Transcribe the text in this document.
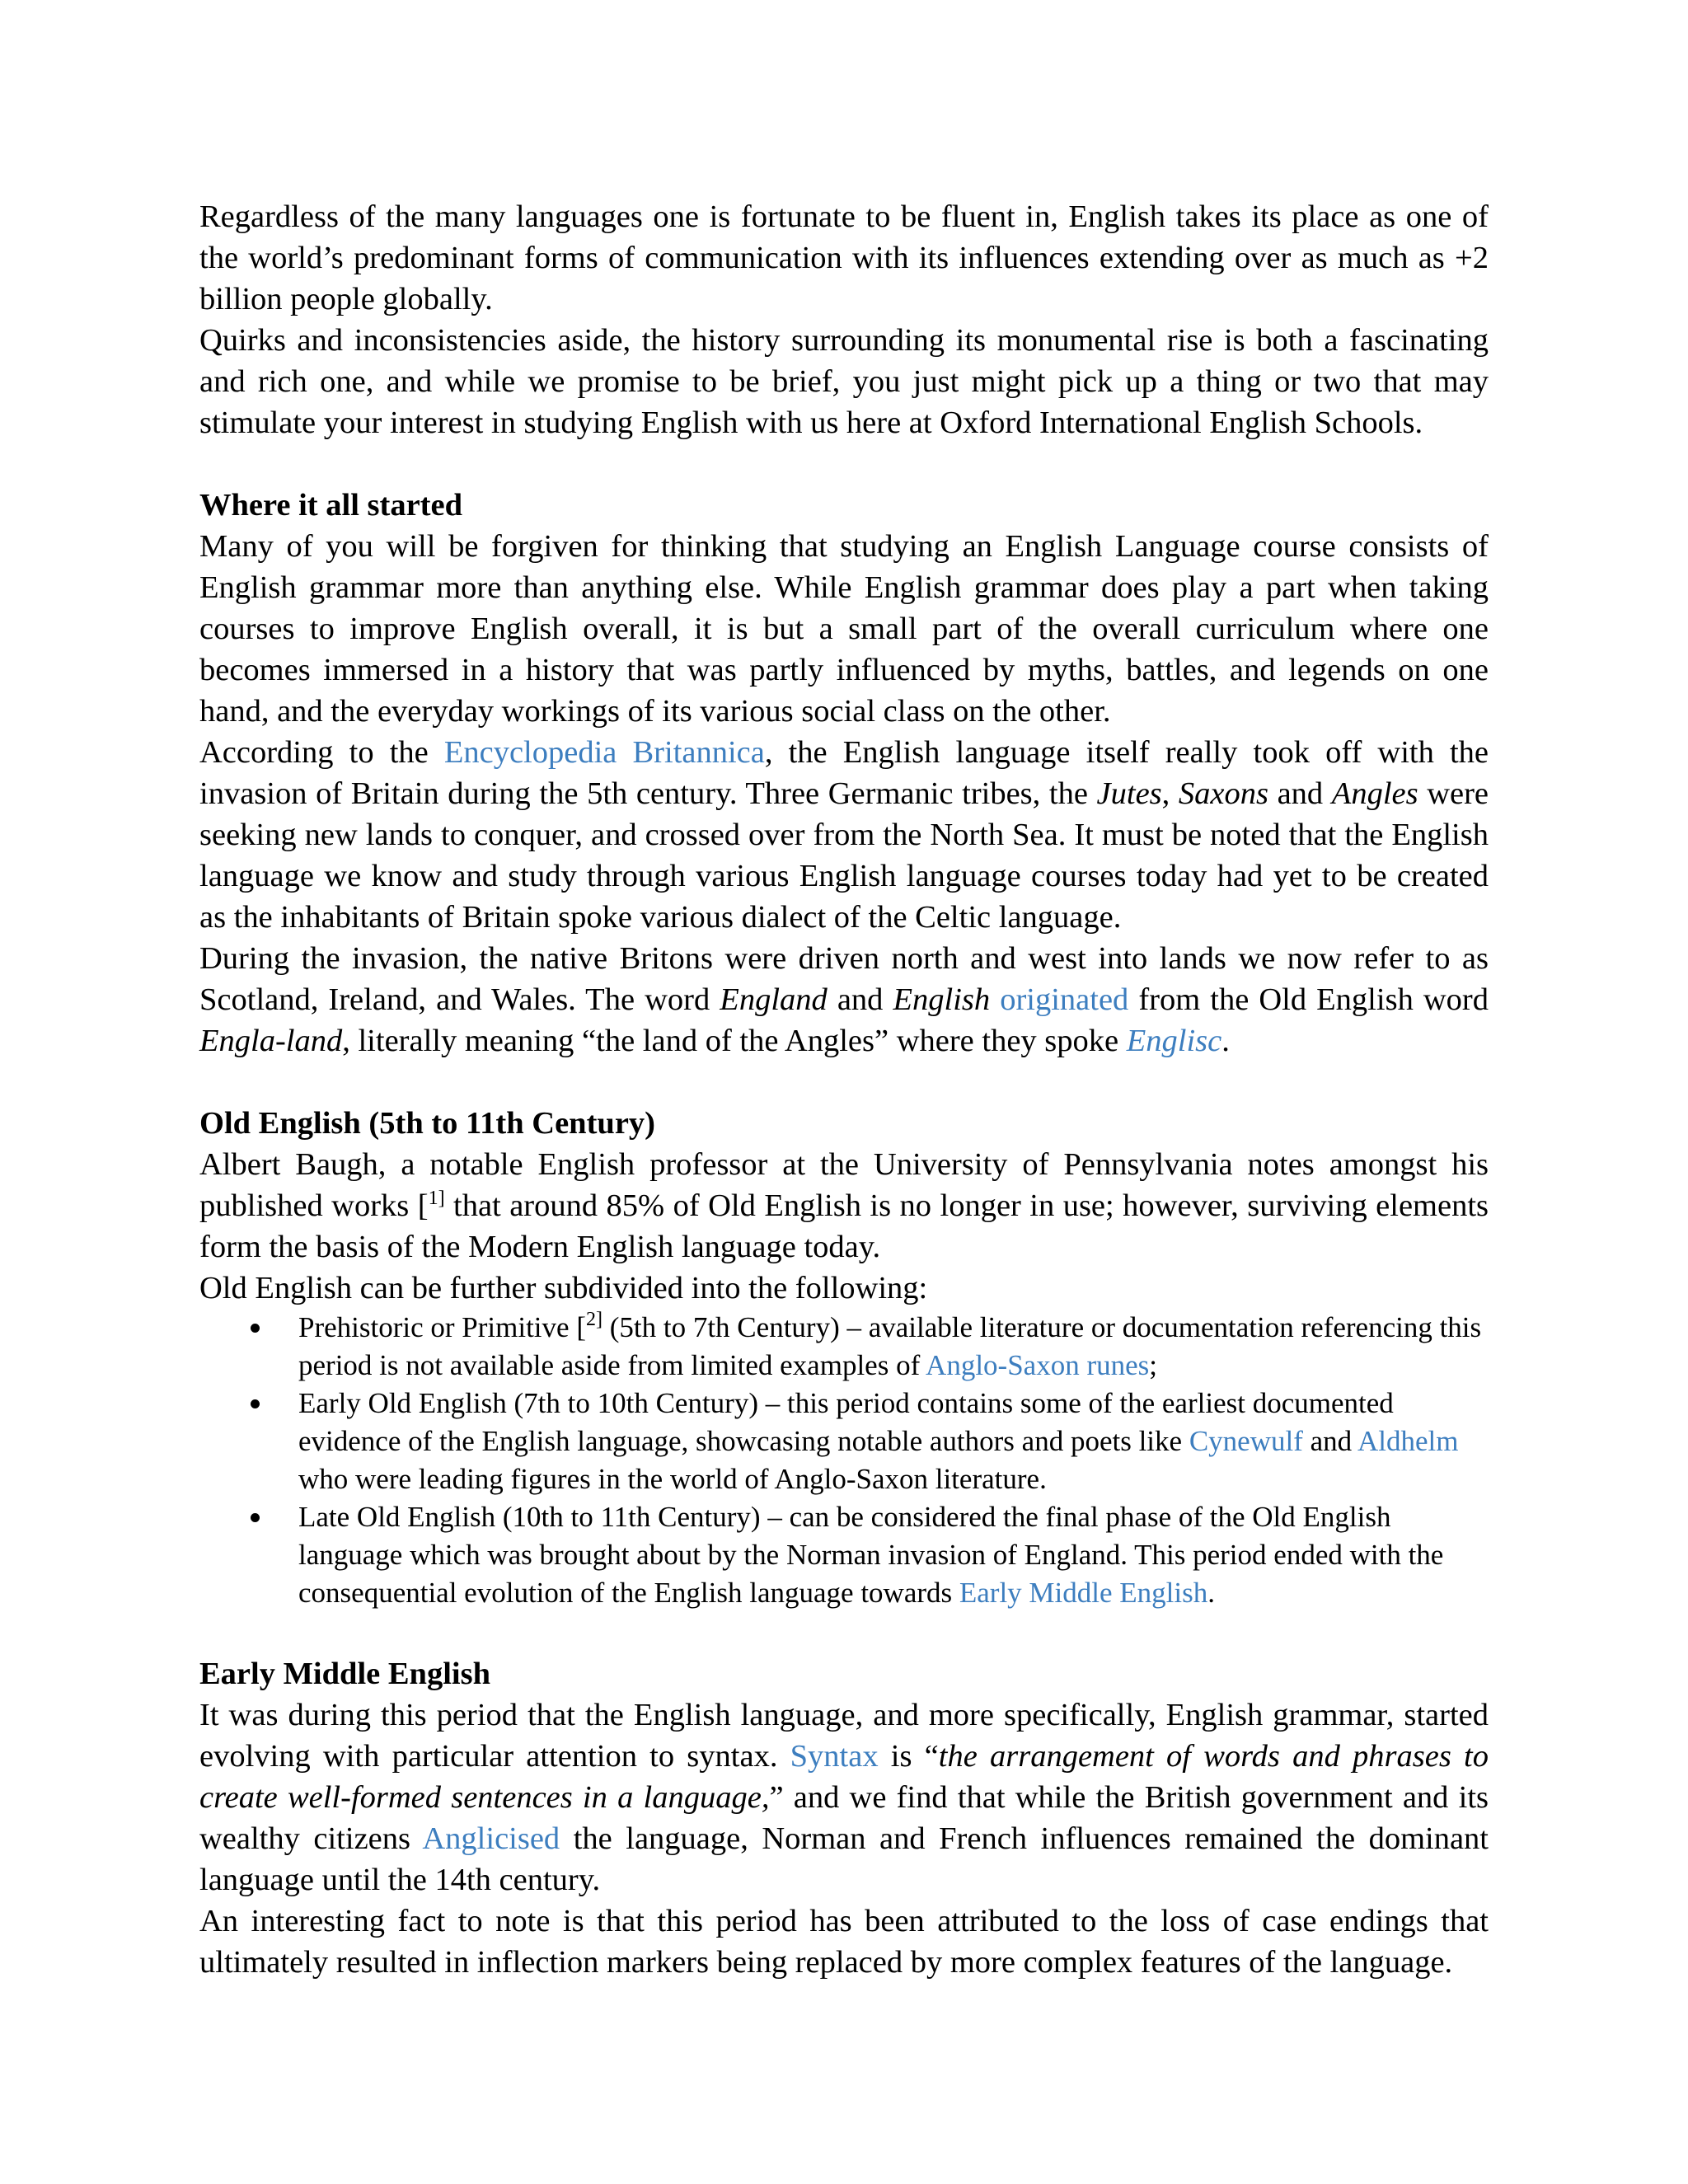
Regardless of the many languages one is fortunate to be fluent in, English takes its place as one of the world’s predominant forms of communication with its influences extending over as much as +2 billion people globally.

Quirks and inconsistencies aside, the history surrounding its monumental rise is both a fascinating and rich one, and while we promise to be brief, you just might pick up a thing or two that may stimulate your interest in studying English with us here at Oxford International English Schools.

Where it all started

Many of you will be forgiven for thinking that studying an English Language course consists of English grammar more than anything else. While English grammar does play a part when taking courses to improve English overall, it is but a small part of the overall curriculum where one becomes immersed in a history that was partly influenced by myths, battles, and legends on one hand, and the everyday workings of its various social class on the other.

According to the Encyclopedia Britannica, the English language itself really took off with the invasion of Britain during the 5th century. Three Germanic tribes, the Jutes, Saxons and Angles were seeking new lands to conquer, and crossed over from the North Sea. It must be noted that the English language we know and study through various English language courses today had yet to be created as the inhabitants of Britain spoke various dialect of the Celtic language.

During the invasion, the native Britons were driven north and west into lands we now refer to as Scotland, Ireland, and Wales. The word England and English originated from the Old English word Engla-land, literally meaning “the land of the Angles” where they spoke Englisc.

Old English (5th to 11th Century)

Albert Baugh, a notable English professor at the University of Pennsylvania notes amongst his published works [$^{1]}$ that around 85% of Old English is no longer in use; however, surviving elements form the basis of the Modern English language today.

Old English can be further subdivided into the following:

Prehistoric or Primitive [$^{2]}$ (5th to 7th Century) – available literature or documentation referencing this period is not available aside from limited examples of Anglo-Saxon runes;
Early Old English (7th to 10th Century) – this period contains some of the earliest documented evidence of the English language, showcasing notable authors and poets like Cynewulf and Aldhelm who were leading figures in the world of Anglo-Saxon literature.
Late Old English (10th to 11th Century) – can be considered the final phase of the Old English language which was brought about by the Norman invasion of England. This period ended with the consequential evolution of the English language towards Early Middle English.
Early Middle English

It was during this period that the English language, and more specifically, English grammar, started evolving with particular attention to syntax. Syntax is “the arrangement of words and phrases to create well-formed sentences in a language,” and we find that while the British government and its wealthy citizens Anglicised the language, Norman and French influences remained the dominant language until the 14th century.

An interesting fact to note is that this period has been attributed to the loss of case endings that ultimately resulted in inflection markers being replaced by more complex features of the language.
